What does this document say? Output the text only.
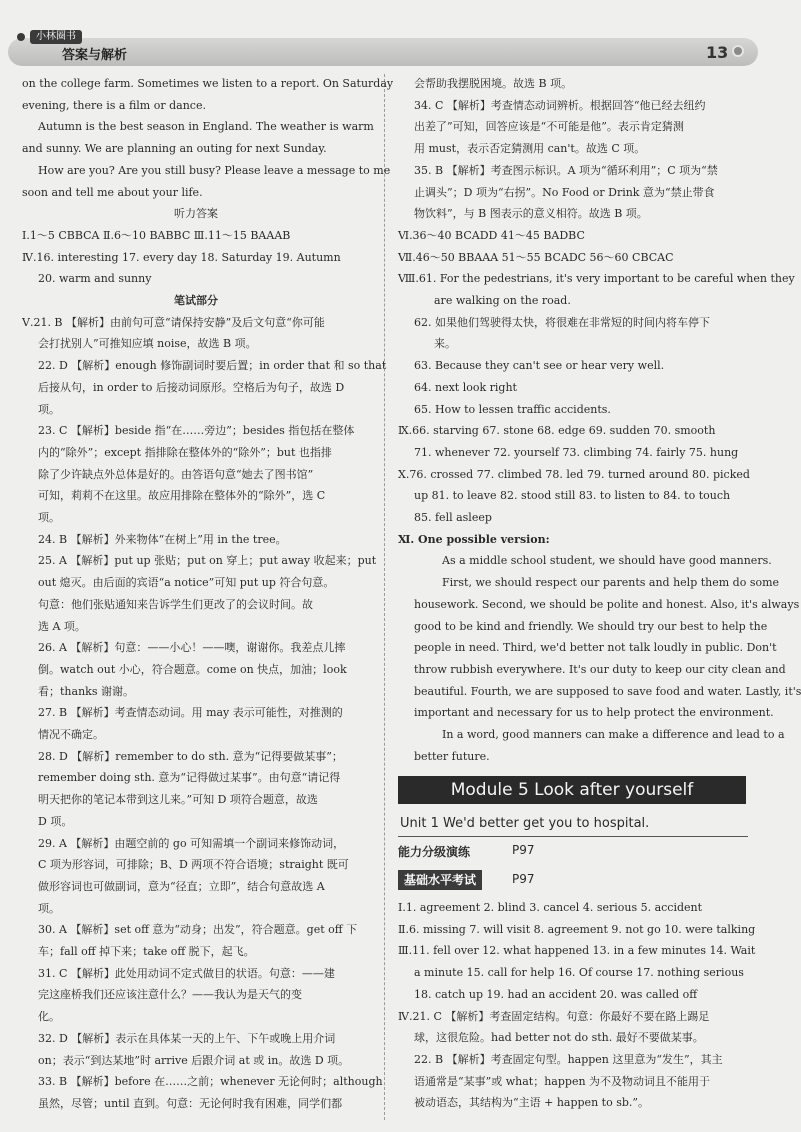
小林圈书
答案与解析	13
on the college farm. Sometimes we listen to a report. On Saturday
evening, there is a film or dance.
Autumn is the best season in England. The weather is warm
and sunny. We are planning an outing for next Sunday.
How are you? Are you still busy? Please leave a message to me
soon and tell me about your life.
听力答案
Ⅰ.1～5 CBBCA Ⅱ.6～10 BABBC Ⅲ.11～15 BAAAB
Ⅳ.16. interesting 17. every day 18. Saturday 19. Autumn
20. warm and sunny
笔试部分
Ⅴ.21. B 【解析】由前句可意“请保持安静”及后文句意“你可能
会打扰别人”可推知应填 noise，故选 B 项。
22. D 【解析】enough 修饰副词时要后置；in order that 和 so that
后接从句，in order to 后接动词原形。空格后为句子，故选 D
项。
23. C 【解析】beside 指“在……旁边”；besides 指包括在整体
内的“除外”；except 指排除在整体外的“除外”；but 也指排
除了少许缺点外总体是好的。由答语句意“她去了图书馆”
可知，莉莉不在这里。故应用排除在整体外的“除外”，选 C
项。
24. B 【解析】外来物体“在树上”用 in the tree。
25. A 【解析】put up 张贴；put on 穿上；put away 收起来；put
out 熄灭。由后面的宾语“a notice”可知 put up 符合句意。
句意：他们张贴通知来告诉学生们更改了的会议时间。故
选 A 项。
26. A 【解析】句意：——小心！——噢，谢谢你。我差点儿摔
倒。watch out 小心，符合题意。come on 快点，加油；look
看；thanks 谢谢。
27. B 【解析】考查情态动词。用 may 表示可能性，对推测的
情况不确定。
28. D 【解析】remember to do sth. 意为“记得要做某事”；
remember doing sth. 意为“记得做过某事”。由句意“请记得
明天把你的笔记本带到这儿来。”可知 D 项符合题意，故选
D 项。
29. A 【解析】由题空前的 go 可知需填一个副词来修饰动词，
C 项为形容词，可排除；B、D 两项不符合语境；straight 既可
做形容词也可做副词，意为“径直；立即”，结合句意故选 A
项。
30. A 【解析】set off 意为“动身；出发”，符合题意。get off 下
车；fall off 掉下来；take off 脱下，起飞。
31. C 【解析】此处用动词不定式做目的状语。句意：——建
完这座桥我们还应该注意什么？——我认为是天气的变
化。
32. D 【解析】表示在具体某一天的上午、下午或晚上用介词
on；表示“到达某地”时 arrive 后跟介词 at 或 in。故选 D 项。
33. B 【解析】before 在……之前；whenever 无论何时；although
虽然，尽管；until 直到。句意：无论何时我有困难，同学们都
会帮助我摆脱困境。故选 B 项。
34. C 【解析】考查情态动词辨析。根据回答“他已经去纽约
出差了”可知，回答应该是“不可能是他”。表示肯定猜测
用 must，表示否定猜测用 can't。故选 C 项。
35. B 【解析】考查图示标识。A 项为“循环利用”；C 项为“禁
止调头”；D 项为“右拐”。No Food or Drink 意为“禁止带食
物饮料”，与 B 图表示的意义相符。故选 B 项。
Ⅵ.36～40 BCADD 41～45 BADBC
Ⅶ.46～50 BBAAA 51～55 BCADC 56～60 CBCAC
Ⅷ.61. For the pedestrians, it's very important to be careful when they
are walking on the road.
62. 如果他们驾驶得太快，将很难在非常短的时间内将车停下
来。
63. Because they can't see or hear very well.
64. next look right
65. How to lessen traffic accidents.
Ⅸ.66. starving 67. stone 68. edge 69. sudden 70. smooth
71. whenever 72. yourself 73. climbing 74. fairly 75. hung
Ⅹ.76. crossed 77. climbed 78. led 79. turned around 80. picked
up 81. to leave 82. stood still 83. to listen to 84. to touch
85. fell asleep
Ⅺ. One possible version:
As a middle school student, we should have good manners.
First, we should respect our parents and help them do some
housework. Second, we should be polite and honest. Also, it's always
good to be kind and friendly. We should try our best to help the
people in need. Third, we'd better not talk loudly in public. Don't
throw rubbish everywhere. It's our duty to keep our city clean and
beautiful. Fourth, we are supposed to save food and water. Lastly, it's
important and necessary for us to help protect the environment.
In a word, good manners can make a difference and lead to a
better future.
Module 5 Look after yourself
Unit 1 We'd better get you to hospital.
能力分级演练	P97
基础水平考试	P97
Ⅰ.1. agreement 2. blind 3. cancel 4. serious 5. accident
Ⅱ.6. missing 7. will visit 8. agreement 9. not go 10. were talking
Ⅲ.11. fell over 12. what happened 13. in a few minutes 14. Wait
a minute 15. call for help 16. Of course 17. nothing serious
18. catch up 19. had an accident 20. was called off
Ⅳ.21. C 【解析】考查固定结构。句意：你最好不要在路上踢足
球，这很危险。had better not do sth. 最好不要做某事。
22. B 【解析】考查固定句型。happen 这里意为“发生”，其主
语通常是“某事”或 what；happen 为不及物动词且不能用于
被动语态，其结构为“主语 + happen to sb.”。
